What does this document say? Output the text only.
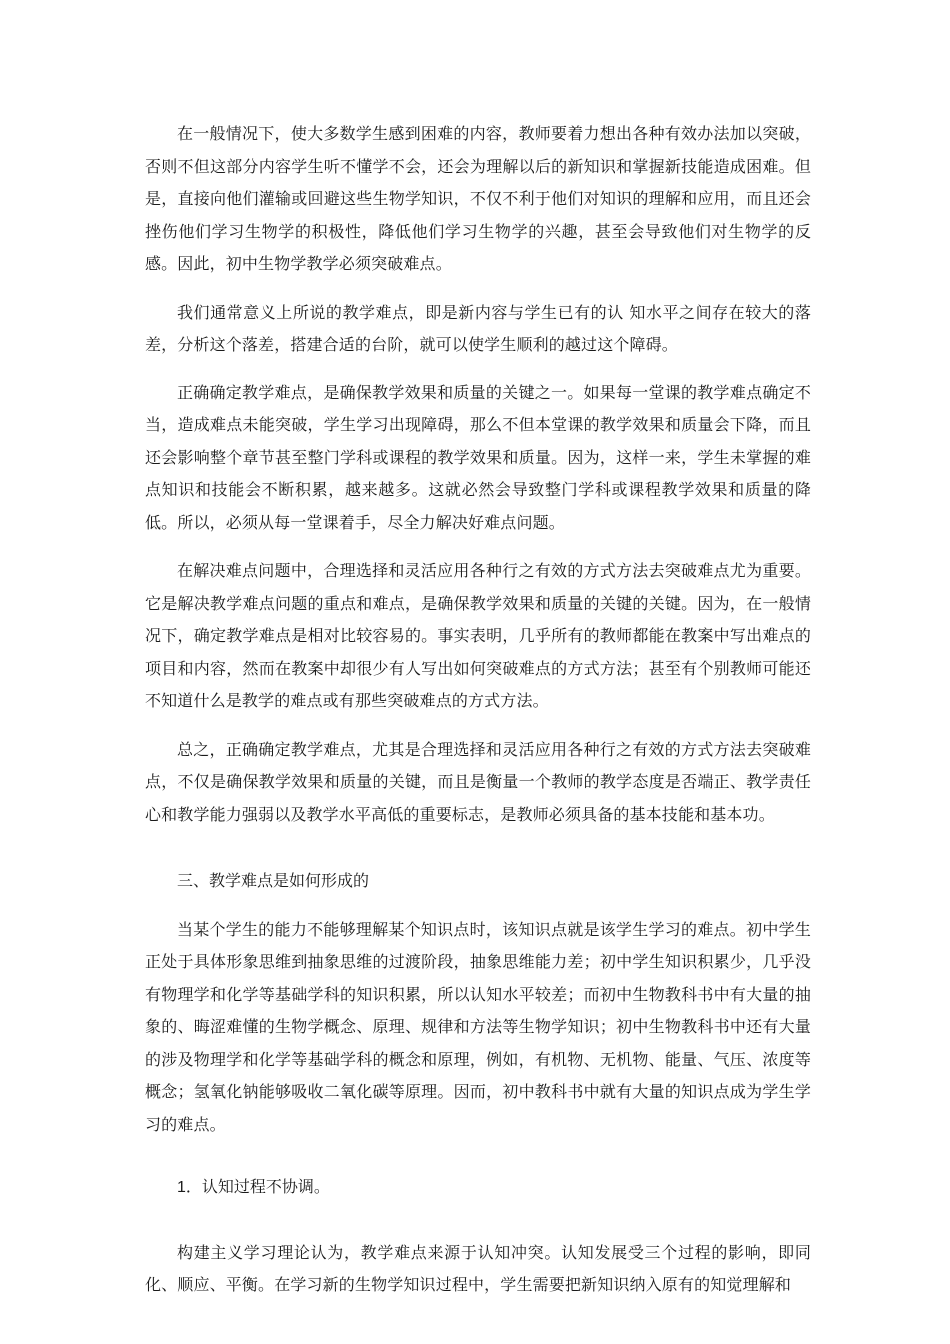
在一般情况下，使大多数学生感到困难的内容，教师要着力想出各种有效办法加以突破，否则不但这部分内容学生听不懂学不会，还会为理解以后的新知识和掌握新技能造成困难。但是，直接向他们灌输或回避这些生物学知识，不仅不利于他们对知识的理解和应用，而且还会挫伤他们学习生物学的积极性，降低他们学习生物学的兴趣，甚至会导致他们对生物学的反感。因此，初中生物学教学必须突破难点。

我们通常意义上所说的教学难点，即是新内容与学生已有的认 知水平之间存在较大的落差，分析这个落差，搭建合适的台阶，就可以使学生顺利的越过这个障碍。

正确确定教学难点，是确保教学效果和质量的关键之一。如果每一堂课的教学难点确定不当，造成难点未能突破，学生学习出现障碍，那么不但本堂课的教学效果和质量会下降，而且还会影响整个章节甚至整门学科或课程的教学效果和质量。因为，这样一来，学生未掌握的难点知识和技能会不断积累，越来越多。这就必然会导致整门学科或课程教学效果和质量的降低。所以，必须从每一堂课着手，尽全力解决好难点问题。

在解决难点问题中，合理选择和灵活应用各种行之有效的方式方法去突破难点尤为重要。它是解决教学难点问题的重点和难点，是确保教学效果和质量的关键的关键。因为，在一般情况下，确定教学难点是相对比较容易的。事实表明，几乎所有的教师都能在教案中写出难点的项目和内容，然而在教案中却很少有人写出如何突破难点的方式方法；甚至有个别教师可能还不知道什么是教学的难点或有那些突破难点的方式方法。

总之，正确确定教学难点，尤其是合理选择和灵活应用各种行之有效的方式方法去突破难点，不仅是确保教学效果和质量的关键，而且是衡量一个教师的教学态度是否端正、教学责任心和教学能力强弱以及教学水平高低的重要标志，是教师必须具备的基本技能和基本功。

三、教学难点是如何形成的

当某个学生的能力不能够理解某个知识点时，该知识点就是该学生学习的难点。初中学生正处于具体形象思维到抽象思维的过渡阶段，抽象思维能力差；初中学生知识积累少，几乎没有物理学和化学等基础学科的知识积累，所以认知水平较差；而初中生物教科书中有大量的抽象的、晦涩难懂的生物学概念、原理、规律和方法等生物学知识；初中生物教科书中还有大量的涉及物理学和化学等基础学科的概念和原理，例如，有机物、无机物、能量、气压、浓度等概念；氢氧化钠能够吸收二氧化碳等原理。因而，初中教科书中就有大量的知识点成为学生学习的难点。

1．认知过程不协调。

构建主义学习理论认为，教学难点来源于认知冲突。认知发展受三个过程的影响，即同化、顺应、平衡。在学习新的生物学知识过程中，学生需要把新知识纳入原有的知觉理解和
